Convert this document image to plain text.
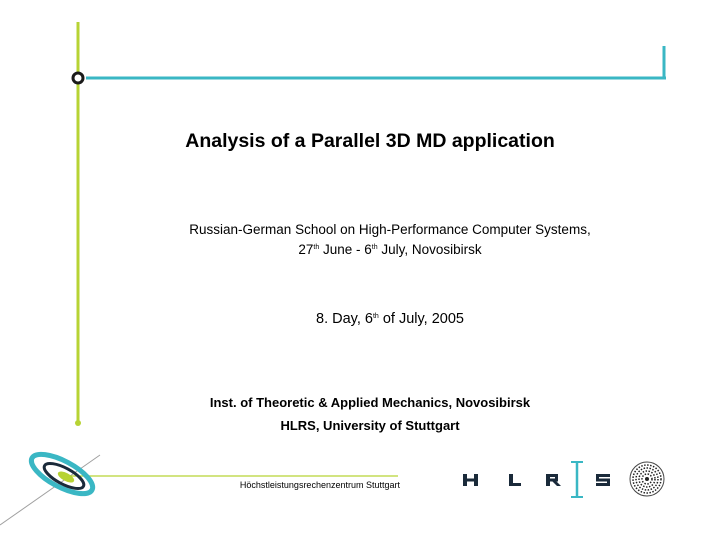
Analysis of a Parallel 3D MD application
Russian-German School on High-Performance Computer Systems,
27th June - 6th July, Novosibirsk
8. Day, 6th of July, 2005
Inst. of Theoretic & Applied Mechanics, Novosibirsk
HLRS, University of Stuttgart
Höchstleistungsrechenzentrum Stuttgart
